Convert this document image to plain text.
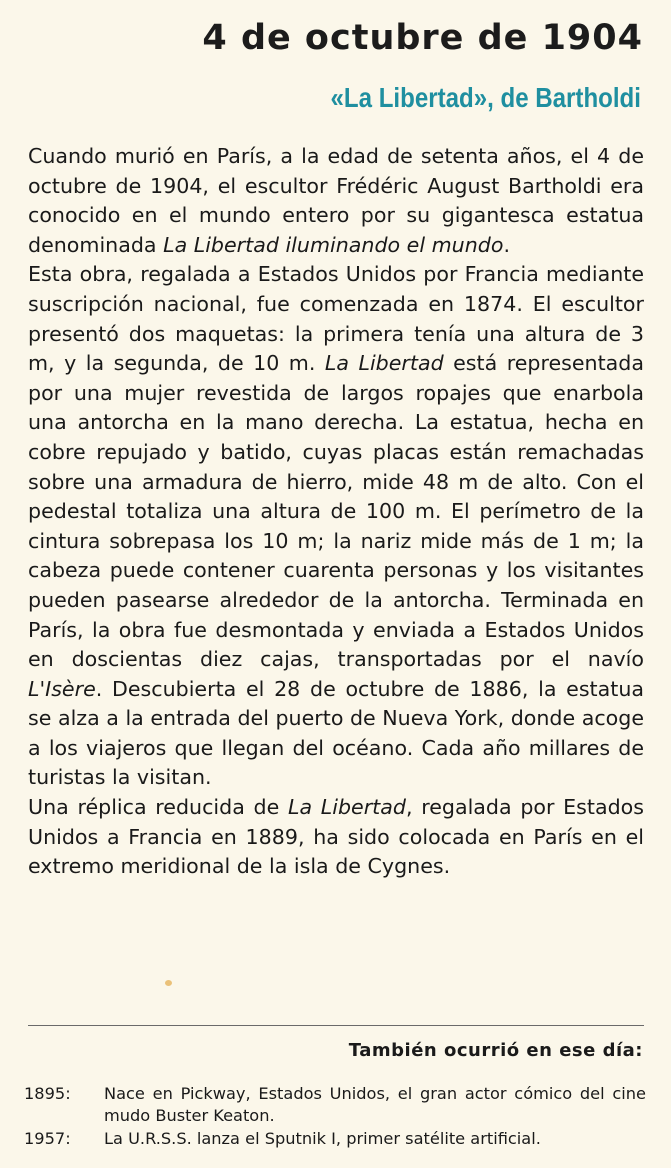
4 de octubre de 1904
«La Libertad», de Bartholdi

Cuando murió en París, a la edad de setenta años, el 4 de octubre de 1904, el escultor Frédéric August Bartholdi era conocido en el mundo entero por su gigantesca estatua denominada La Libertad iluminando el mundo.

Esta obra, regalada a Estados Unidos por Francia mediante suscripción nacional, fue comenzada en 1874. El escultor presentó dos maquetas: la primera tenía una altura de 3 m, y la segunda, de 10 m. La Libertad está representada por una mujer revestida de largos ropajes que enarbola una antorcha en la mano derecha. La estatua, hecha en cobre repujado y batido, cuyas placas están remachadas sobre una armadura de hierro, mide 48 m de alto. Con el pedestal totaliza una altura de 100 m. El perímetro de la cintura sobrepasa los 10 m; la nariz mide más de 1 m; la cabeza puede contener cuarenta personas y los visitantes pueden pasearse alrededor de la antorcha. Terminada en París, la obra fue desmontada y enviada a Estados Unidos en doscientas diez cajas, transportadas por el navío L'Isère. Descubierta el 28 de octubre de 1886, la estatua se alza a la entrada del puerto de Nueva York, donde acoge a los viajeros que llegan del océano. Cada año millares de turistas la visitan.

Una réplica reducida de La Libertad, regalada por Estados Unidos a Francia en 1889, ha sido colocada en París en el extremo meridional de la isla de Cygnes.

También ocurrió en ese día:
1895:	Nace en Pickway, Estados Unidos, el gran actor cómico del cine mudo Buster Keaton.
1957:	La U.R.S.S. lanza el Sputnik I, primer satélite artificial.
